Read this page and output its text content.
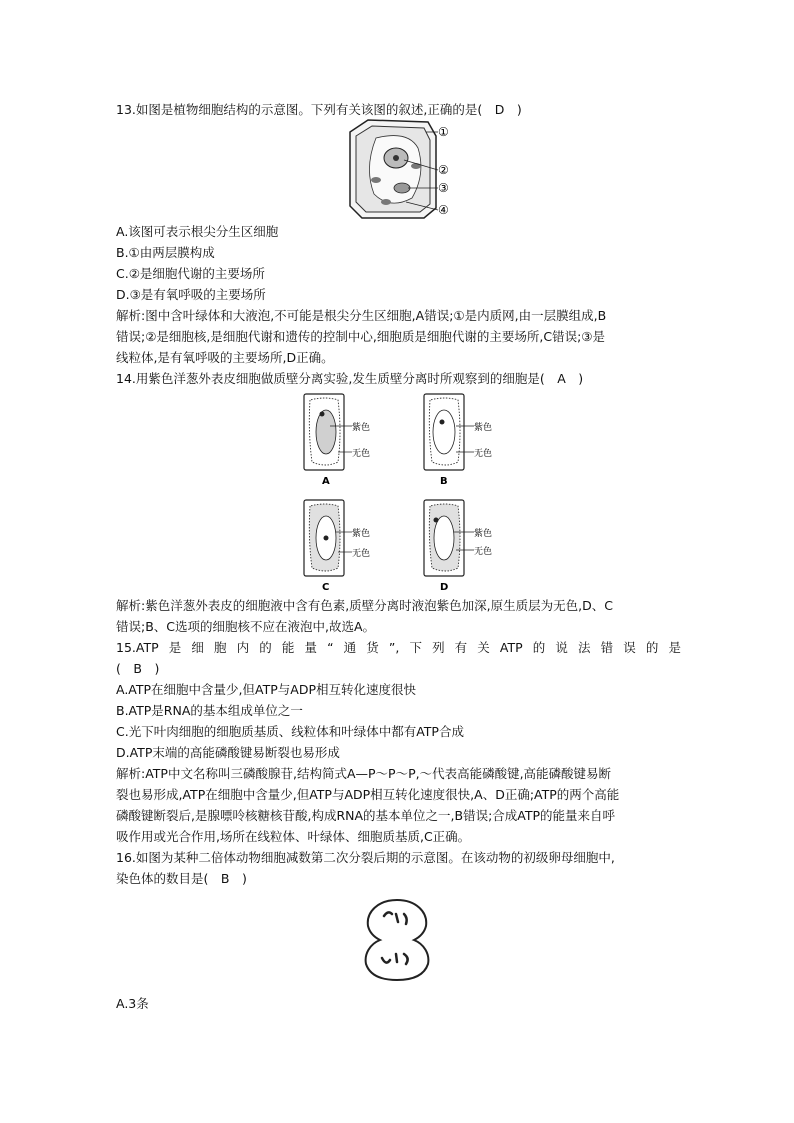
13.如图是植物细胞结构的示意图。下列有关该图的叙述,正确的是(　D　)
①
②
③
④
A.该图可表示根尖分生区细胞
B.①由两层膜构成
C.②是细胞代谢的主要场所
D.③是有氧呼吸的主要场所
解析:图中含叶绿体和大液泡,不可能是根尖分生区细胞,A错误;①是内质网,由一层膜组成,B
错误;②是细胞核,是细胞代谢和遗传的控制中心,细胞质是细胞代谢的主要场所,C错误;③是
线粒体,是有氧呼吸的主要场所,D正确。
14.用紫色洋葱外表皮细胞做质壁分离实验,发生质壁分离时所观察到的细胞是(　A　)
紫色
无色
A
紫色
无色
B
紫色
无色
C
紫色
无色
D
解析:紫色洋葱外表皮的细胞液中含有色素,质壁分离时液泡紫色加深,原生质层为无色,D、C
错误;B、C选项的细胞核不应在液泡中,故选A。
15.ATP是细胞内的能量“通货”,下列有关ATP的说法错误的是
(　B　)
A.ATP在细胞中含量少,但ATP与ADP相互转化速度很快
B.ATP是RNA的基本组成单位之一
C.光下叶肉细胞的细胞质基质、线粒体和叶绿体中都有ATP合成
D.ATP末端的高能磷酸键易断裂也易形成
解析:ATP中文名称叫三磷酸腺苷,结构简式A—P～P～P,～代表高能磷酸键,高能磷酸键易断
裂也易形成,ATP在细胞中含量少,但ATP与ADP相互转化速度很快,A、D正确;ATP的两个高能
磷酸键断裂后,是腺嘌呤核糖核苷酸,构成RNA的基本单位之一,B错误;合成ATP的能量来自呼
吸作用或光合作用,场所在线粒体、叶绿体、细胞质基质,C正确。
16.如图为某种二倍体动物细胞减数第二次分裂后期的示意图。在该动物的初级卵母细胞中,
染色体的数目是(　B　)
A.3条
